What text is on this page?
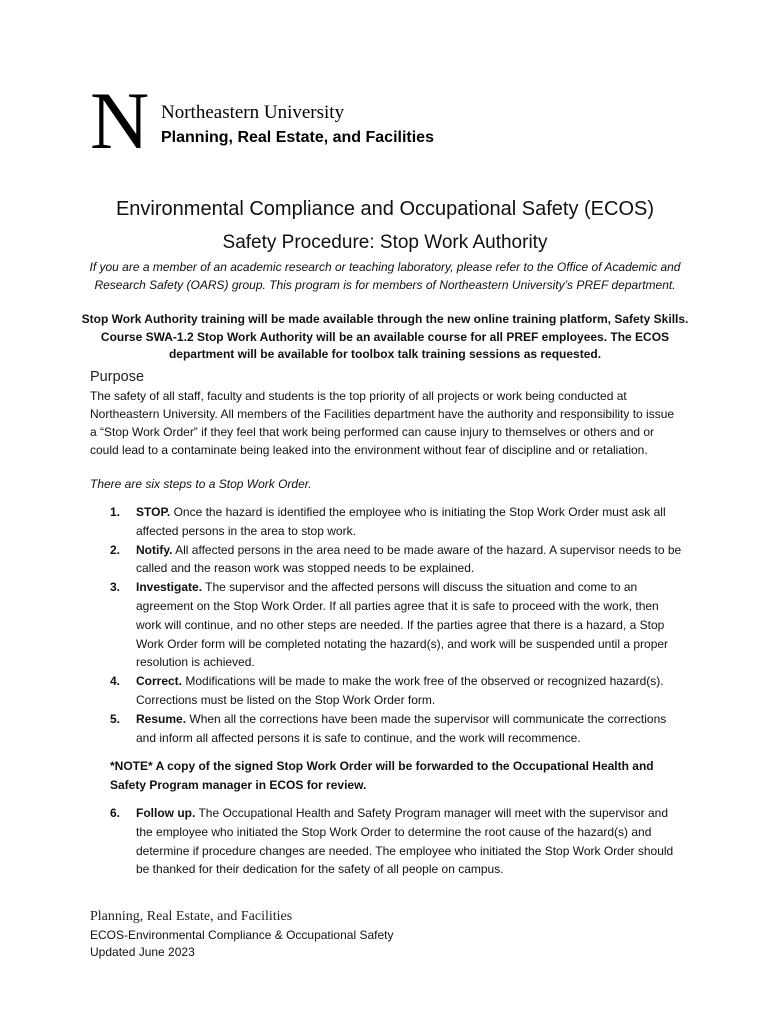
N Northeastern University
Planning, Real Estate, and Facilities
Environmental Compliance and Occupational Safety (ECOS)
Safety Procedure: Stop Work Authority

If you are a member of an academic research or teaching laboratory, please refer to the Office of Academic and Research Safety (OARS) group. This program is for members of Northeastern University’s PREF department.

Stop Work Authority training will be made available through the new online training platform, Safety Skills. Course SWA-1.2 Stop Work Authority will be an available course for all PREF employees. The ECOS department will be available for toolbox talk training sessions as requested.

Purpose

The safety of all staff, faculty and students is the top priority of all projects or work being conducted at Northeastern University. All members of the Facilities department have the authority and responsibility to issue a “Stop Work Order” if they feel that work being performed can cause injury to themselves or others and or could lead to a contaminate being leaked into the environment without fear of discipline and or retaliation.

There are six steps to a Stop Work Order.

1. STOP. Once the hazard is identified the employee who is initiating the Stop Work Order must ask all affected persons in the area to stop work.
2. Notify. All affected persons in the area need to be made aware of the hazard. A supervisor needs to be called and the reason work was stopped needs to be explained.
3. Investigate. The supervisor and the affected persons will discuss the situation and come to an agreement on the Stop Work Order. If all parties agree that it is safe to proceed with the work, then work will continue, and no other steps are needed. If the parties agree that there is a hazard, a Stop Work Order form will be completed notating the hazard(s), and work will be suspended until a proper resolution is achieved.
4. Correct. Modifications will be made to make the work free of the observed or recognized hazard(s). Corrections must be listed on the Stop Work Order form.
5. Resume. When all the corrections have been made the supervisor will communicate the corrections and inform all affected persons it is safe to continue, and the work will recommence.

*NOTE* A copy of the signed Stop Work Order will be forwarded to the Occupational Health and Safety Program manager in ECOS for review.

6. Follow up. The Occupational Health and Safety Program manager will meet with the supervisor and the employee who initiated the Stop Work Order to determine the root cause of the hazard(s) and determine if procedure changes are needed. The employee who initiated the Stop Work Order should be thanked for their dedication for the safety of all people on campus.
Planning, Real Estate, and Facilities
ECOS-Environmental Compliance & Occupational Safety
Updated June 2023
